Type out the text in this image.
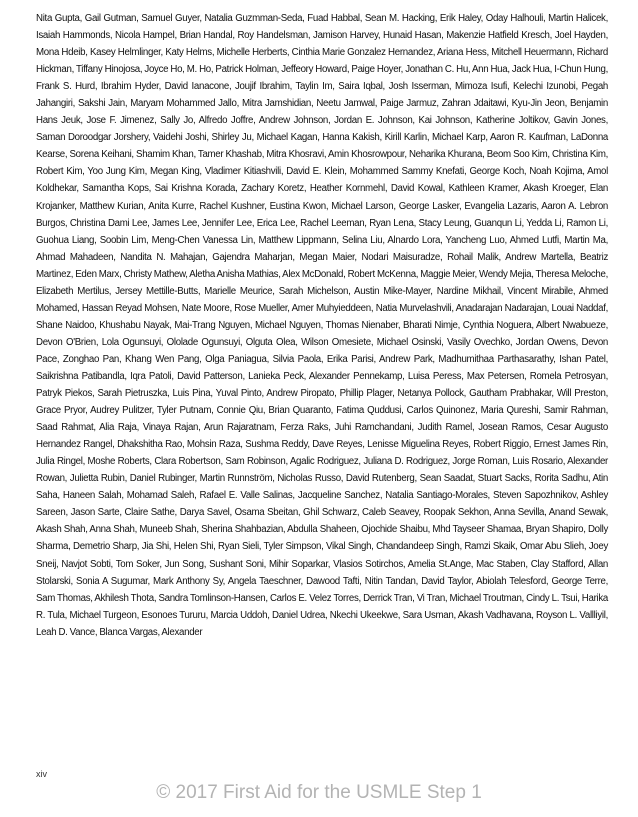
Nita Gupta, Gail Gutman, Samuel Guyer, Natalia Guzmman-Seda, Fuad Habbal, Sean M. Hacking, Erik Haley, Oday Halhouli, Martin Halicek, Isaiah Hammonds, Nicola Hampel, Brian Handal, Roy Handelsman, Jamison Harvey, Hunaid Hasan, Makenzie Hatfield Kresch, Joel Hayden, Mona Hdeib, Kasey Helmlinger, Katy Helms, Michelle Herberts, Cinthia Marie Gonzalez Hernandez, Ariana Hess, Mitchell Heuermann, Richard Hickman, Tiffany Hinojosa, Joyce Ho, M. Ho, Patrick Holman, Jeffeory Howard, Paige Hoyer, Jonathan C. Hu, Ann Hua, Jack Hua, I-Chun Hung, Frank S. Hurd, Ibrahim Hyder, David Ianacone, Joujif Ibrahim, Taylin Im, Saira Iqbal, Josh Isserman, Mimoza Isufi, Kelechi Izunobi, Pegah Jahangiri, Sakshi Jain, Maryam Mohammed Jallo, Mitra Jamshidian, Neetu Jamwal, Paige Jarmuz, Zahran Jdaitawi, Kyu-Jin Jeon, Benjamin Hans Jeuk, Jose F. Jimenez, Sally Jo, Alfredo Joffre, Andrew Johnson, Jordan E. Johnson, Kai Johnson, Katherine Joltikov, Gavin Jones, Saman Doroodgar Jorshery, Vaidehi Joshi, Shirley Ju, Michael Kagan, Hanna Kakish, Kirill Karlin, Michael Karp, Aaron R. Kaufman, LaDonna Kearse, Sorena Keihani, Shamim Khan, Tamer Khashab, Mitra Khosravi, Amin Khosrowpour, Neharika Khurana, Beom Soo Kim, Christina Kim, Robert Kim, Yoo Jung Kim, Megan King, Vladimer Kitiashvili, David E. Klein, Mohammed Sammy Knefati, George Koch, Noah Kojima, Amol Koldhekar, Samantha Kops, Sai Krishna Korada, Zachary Koretz, Heather Kornmehl, David Kowal, Kathleen Kramer, Akash Kroeger, Elan Krojanker, Matthew Kurian, Anita Kurre, Rachel Kushner, Eustina Kwon, Michael Larson, George Lasker, Evangelia Lazaris, Aaron A. Lebron Burgos, Christina Dami Lee, James Lee, Jennifer Lee, Erica Lee, Rachel Leeman, Ryan Lena, Stacy Leung, Guanqun Li, Yedda Li, Ramon Li, Guohua Liang, Soobin Lim, Meng-Chen Vanessa Lin, Matthew Lippmann, Selina Liu, Alnardo Lora, Yancheng Luo, Ahmed Lutfi, Martin Ma, Ahmad Mahadeen, Nandita N. Mahajan, Gajendra Maharjan, Megan Maier, Nodari Maisuradze, Rohail Malik, Andrew Martella, Beatriz Martinez, Eden Marx, Christy Mathew, Aletha Anisha Mathias, Alex McDonald, Robert McKenna, Maggie Meier, Wendy Mejia, Theresa Meloche, Elizabeth Mertilus, Jersey Mettille-Butts, Marielle Meurice, Sarah Michelson, Austin Mike-Mayer, Nardine Mikhail, Vincent Mirabile, Ahmed Mohamed, Hassan Reyad Mohsen, Nate Moore, Rose Mueller, Amer Muhyieddeen, Natia Murvelashvili, Anadarajan Nadarajan, Louai Naddaf, Shane Naidoo, Khushabu Nayak, Mai-Trang Nguyen, Michael Nguyen, Thomas Nienaber, Bharati Nimje, Cynthia Noguera, Albert Nwabueze, Devon O'Brien, Lola Ogunsuyi, Ololade Ogunsuyi, Olguta Olea, Wilson Omesiete, Michael Osinski, Vasily Ovechko, Jordan Owens, Devon Pace, Zonghao Pan, Khang Wen Pang, Olga Paniagua, Silvia Paola, Erika Parisi, Andrew Park, Madhumithaa Parthasarathy, Ishan Patel, Saikrishna Patibandla, Iqra Patoli, David Patterson, Lanieka Peck, Alexander Pennekamp, Luisa Peress, Max Petersen, Romela Petrosyan, Patryk Piekos, Sarah Pietruszka, Luis Pina, Yuval Pinto, Andrew Piropato, Phillip Plager, Netanya Pollock, Gautham Prabhakar, Will Preston, Grace Pryor, Audrey Pulitzer, Tyler Putnam, Connie Qiu, Brian Quaranto, Fatima Quddusi, Carlos Quinonez, Maria Qureshi, Samir Rahman, Saad Rahmat, Alia Raja, Vinaya Rajan, Arun Rajaratnam, Ferza Raks, Juhi Ramchandani, Judith Ramel, Josean Ramos, Cesar Augusto Hernandez Rangel, Dhakshitha Rao, Mohsin Raza, Sushma Reddy, Dave Reyes, Lenisse Miguelina Reyes, Robert Riggio, Ernest James Rin, Julia Ringel, Moshe Roberts, Clara Robertson, Sam Robinson, Agalic Rodriguez, Juliana D. Rodriguez, Jorge Roman, Luis Rosario, Alexander Rowan, Julietta Rubin, Daniel Rubinger, Martin Runnström, Nicholas Russo, David Rutenberg, Sean Saadat, Stuart Sacks, Rorita Sadhu, Atin Saha, Haneen Salah, Mohamad Saleh, Rafael E. Valle Salinas, Jacqueline Sanchez, Natalia Santiago-Morales, Steven Sapozhnikov, Ashley Sareen, Jason Sarte, Claire Sathe, Darya Savel, Osama Sbeitan, Ghil Schwarz, Caleb Seavey, Roopak Sekhon, Anna Sevilla, Anand Sewak, Akash Shah, Anna Shah, Muneeb Shah, Sherina Shahbazian, Abdulla Shaheen, Ojochide Shaibu, Mhd Tayseer Shamaa, Bryan Shapiro, Dolly Sharma, Demetrio Sharp, Jia Shi, Helen Shi, Ryan Sieli, Tyler Simpson, Vikal Singh, Chandandeep Singh, Ramzi Skaik, Omar Abu Slieh, Joey Sneij, Navjot Sobti, Tom Soker, Jun Song, Sushant Soni, Mihir Soparkar, Vlasios Sotirchos, Amelia St.Ange, Mac Staben, Clay Stafford, Allan Stolarski, Sonia A Sugumar, Mark Anthony Sy, Angela Taeschner, Dawood Tafti, Nitin Tandan, David Taylor, Abiolah Telesford, George Terre, Sam Thomas, Akhilesh Thota, Sandra Tomlinson-Hansen, Carlos E. Velez Torres, Derrick Tran, Vi Tran, Michael Troutman, Cindy L. Tsui, Harika R. Tula, Michael Turgeon, Esonoes Tururu, Marcia Uddoh, Daniel Udrea, Nkechi Ukeekwe, Sara Usman, Akash Vadhavana, Royson L. Vallliyil, Leah D. Vance, Blanca Vargas, Alexander

xiv
© 2017 First Aid for the USMLE Step 1
